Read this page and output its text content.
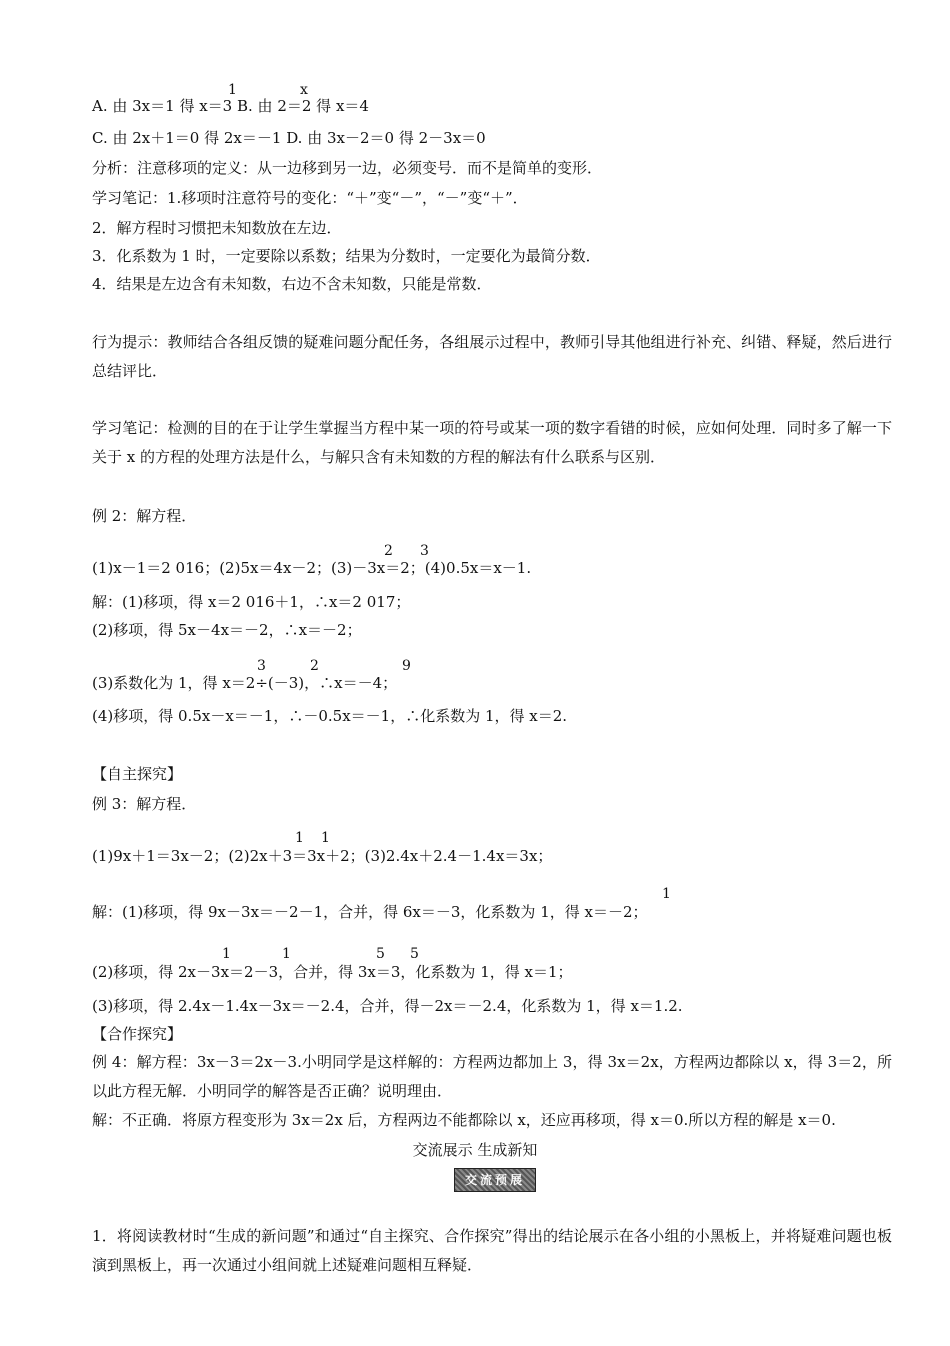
1	x
A. 由 3x＝1 得 x＝3 B. 由 2＝2 得 x＝4
C. 由 2x＋1＝0 得 2x＝－1 D. 由 3x－2＝0 得 2－3x＝0
分析：注意移项的定义：从一边移到另一边，必须变号．而不是简单的变形．
学习笔记：1.移项时注意符号的变化：“＋”变“－”，“－”变“＋”．
2．解方程时习惯把未知数放在左边．
3．化系数为 1 时，一定要除以系数；结果为分数时，一定要化为最简分数．
4．结果是左边含有未知数，右边不含未知数，只能是常数．
行为提示：教师结合各组反馈的疑难问题分配任务，各组展示过程中，教师引导其他组进行补充、纠错、释疑，然后进行总结评比．
学习笔记：检测的目的在于让学生掌握当方程中某一项的符号或某一项的数字看错的时候，应如何处理．同时多了解一下关于 x 的方程的处理方法是什么，与解只含有未知数的方程的解法有什么联系与区别．
例 2：解方程．
2 3
(1)x－1＝2 016；(2)5x＝4x－2；(3)－3x＝2；(4)0.5x＝x－1.
解：(1)移项，得 x＝2 016＋1，∴x＝2 017；
(2)移项，得 5x－4x＝－2，∴x＝－2；
3	2	9
(3)系数化为 1，得 x＝2÷(－3)，∴x＝－4；
(4)移项，得 0.5x－x＝－1，∴－0.5x＝－1，∴化系数为 1，得 x＝2.
【自主探究】
例 3：解方程．
1 1
(1)9x＋1＝3x－2；(2)2x＋3＝3x＋2；(3)2.4x＋2.4－1.4x＝3x；
1
解：(1)移项，得 9x－3x＝－2－1，合并，得 6x＝－3，化系数为 1，得 x＝－2；
1	1	5 5
(2)移项，得 2x－3x＝2－3，合并，得 3x＝3，化系数为 1，得 x＝1；
(3)移项，得 2.4x－1.4x－3x＝－2.4，合并，得－2x＝－2.4，化系数为 1，得 x＝1.2.
【合作探究】
例 4：解方程：3x－3＝2x－3.小明同学是这样解的：方程两边都加上 3，得 3x＝2x，方程两边都除以 x，得 3＝2，所以此方程无解．小明同学的解答是否正确？说明理由．
解：不正确．将原方程变形为 3x＝2x 后，方程两边不能都除以 x，还应再移项，得 x＝0.所以方程的解是 x＝0.
交流展示 生成新知
交流预展
1．将阅读教材时“生成的新问题”和通过“自主探究、合作探究”得出的结论展示在各小组的小黑板上，并将疑难问题也板演到黑板上，再一次通过小组间就上述疑难问题相互释疑．
